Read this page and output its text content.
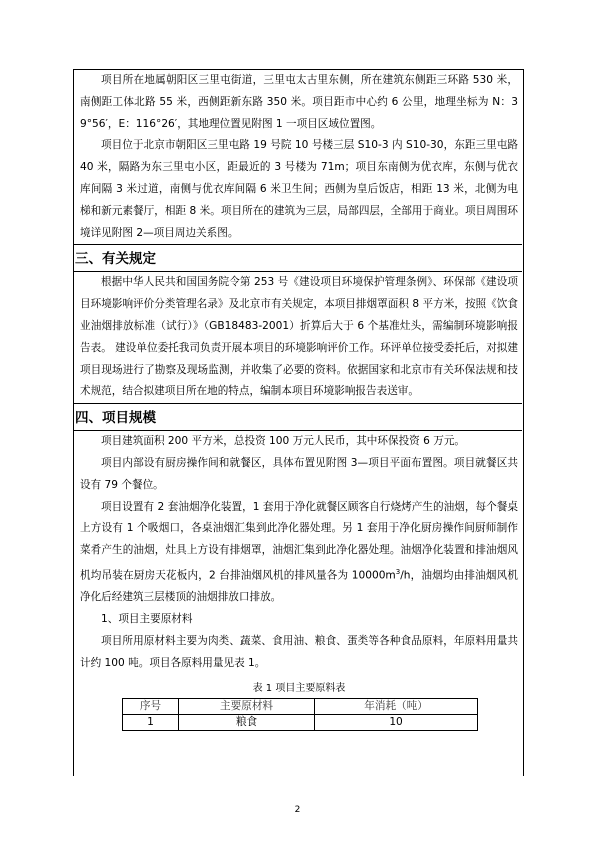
项目所在地属朝阳区三里屯街道，三里屯太古里东侧，所在建筑东侧距三环路 530 米，南侧距工体北路 55 米，西侧距新东路 350 米。项目距市中心约 6 公里，地理坐标为 N：39°56′，E：116°26′，其地理位置见附图 1 一项目区域位置图。

项目位于北京市朝阳区三里屯路 19 号院 10 号楼三层 S10-3 内 S10-30，东距三里屯路 40 米，隔路为东三里屯小区，距最近的 3 号楼为 71m；项目东南侧为优衣库，东侧与优衣库间隔 3 米过道，南侧与优衣库间隔 6 米卫生间；西侧为皇后饭店，相距 13 米，北侧为电梯和新元素餐厅，相距 8 米。项目所在的建筑为三层，局部四层，全部用于商业。项目周围环境详见附图 2—项目周边关系图。

三、有关规定

根据中华人民共和国国务院令第 253 号《建设项目环境保护管理条例》、环保部《建设项目环境影响评价分类管理名录》及北京市有关规定，本项目排烟罩面积 8 平方米，按照《饮食业油烟排放标准（试行）》（GB18483-2001）折算后大于 6 个基准灶头，需编制环境影响报告表。 建设单位委托我司负责开展本项目的环境影响评价工作。环评单位接受委托后，对拟建项目现场进行了勘察及现场监测，并收集了必要的资料。依据国家和北京市有关环保法规和技术规范，结合拟建项目所在地的特点，编制本项目环境影响报告表送审。

四、项目规模

项目建筑面积 200 平方米，总投资 100 万元人民币，其中环保投资 6 万元。

项目内部设有厨房操作间和就餐区，具体布置见附图 3—项目平面布置图。项目就餐区共设有 79 个餐位。

项目设置有 2 套油烟净化装置，1 套用于净化就餐区顾客自行烧烤产生的油烟，每个餐桌上方设有 1 个吸烟口，各桌油烟汇集到此净化器处理。另 1 套用于净化厨房操作间厨师制作菜肴产生的油烟，灶具上方设有排烟罩，油烟汇集到此净化器处理。油烟净化装置和排油烟风机均吊装在厨房天花板内，2 台排油烟风机的排风量各为 $10000m^3/h$，油烟均由排油烟风机净化后经建筑三层楼顶的油烟排放口排放。

1、项目主要原材料

项目所用原材料主要为肉类、蔬菜、食用油、粮食、蛋类等各种食品原料，年原料用量共计约 100 吨。项目各原料用量见表 1。

表 1 项目主要原料表
序号	主要原材料	年消耗（吨）
1	粮食	10
2
